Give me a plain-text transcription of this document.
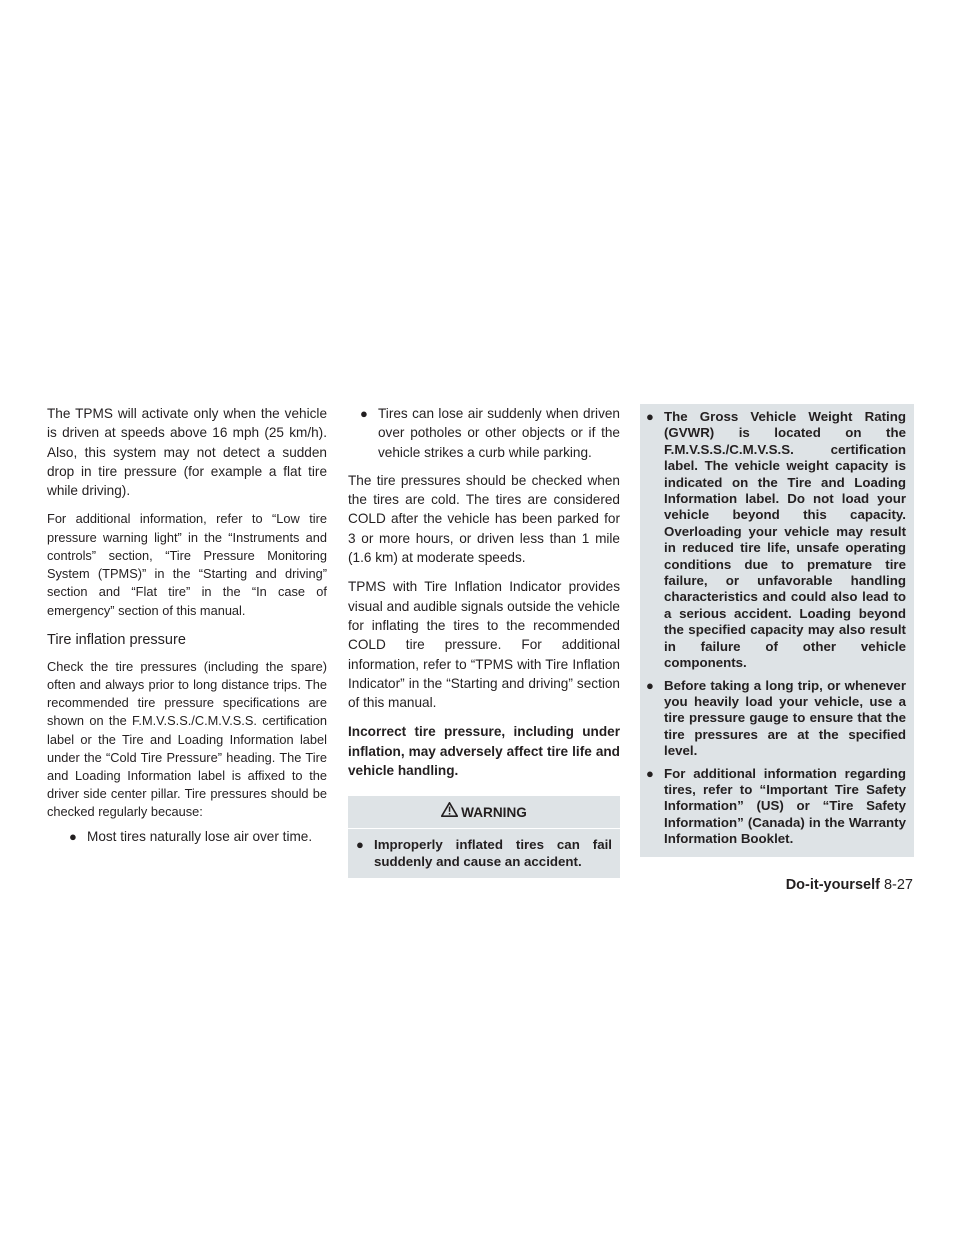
The TPMS will activate only when the vehicle is driven at speeds above 16 mph (25 km/h). Also, this system may not detect a sudden drop in tire pressure (for example a flat tire while driving).

For additional information, refer to “Low tire pressure warning light” in the “Instruments and controls” section, “Tire Pressure Monitoring System (TPMS)” in the “Starting and driving” section and “Flat tire” in the “In case of emergency” section of this manual.

Tire inflation pressure

Check the tire pressures (including the spare) often and always prior to long distance trips. The recommended tire pressure specifications are shown on the F.M.V.S.S./C.M.V.S.S. certification label or the Tire and Loading Information label under the “Cold Tire Pressure” heading. The Tire and Loading Information label is affixed to the driver side center pillar. Tire pressures should be checked regularly because:

● Most tires naturally lose air over time.
● Tires can lose air suddenly when driven over potholes or other objects or if the vehicle strikes a curb while parking.

The tire pressures should be checked when the tires are cold. The tires are considered COLD after the vehicle has been parked for 3 or more hours, or driven less than 1 mile (1.6 km) at moderate speeds.

TPMS with Tire Inflation Indicator provides visual and audible signals outside the vehicle for inflating the tires to the recommended COLD tire pressure. For additional information, refer to “TPMS with Tire Inflation Indicator” in the “Starting and driving” section of this manual.

Incorrect tire pressure, including under inflation, may adversely affect tire life and vehicle handling.

WARNING
● Improperly inflated tires can fail suddenly and cause an accident.
● The Gross Vehicle Weight Rating (GVWR) is located on the F.M.V.S.S./C.M.V.S.S. certification label. The vehicle weight capacity is indicated on the Tire and Loading Information label. Do not load your vehicle beyond this capacity. Overloading your vehicle may result in reduced tire life, unsafe operating conditions due to premature tire failure, or unfavorable handling characteristics and could also lead to a serious accident. Loading beyond the specified capacity may also result in failure of other vehicle components.
● Before taking a long trip, or whenever you heavily load your vehicle, use a tire pressure gauge to ensure that the tire pressures are at the specified level.
● For additional information regarding tires, refer to “Important Tire Safety Information” (US) or “Tire Safety Information” (Canada) in the Warranty Information Booklet.
Do-it-yourself 8-27
